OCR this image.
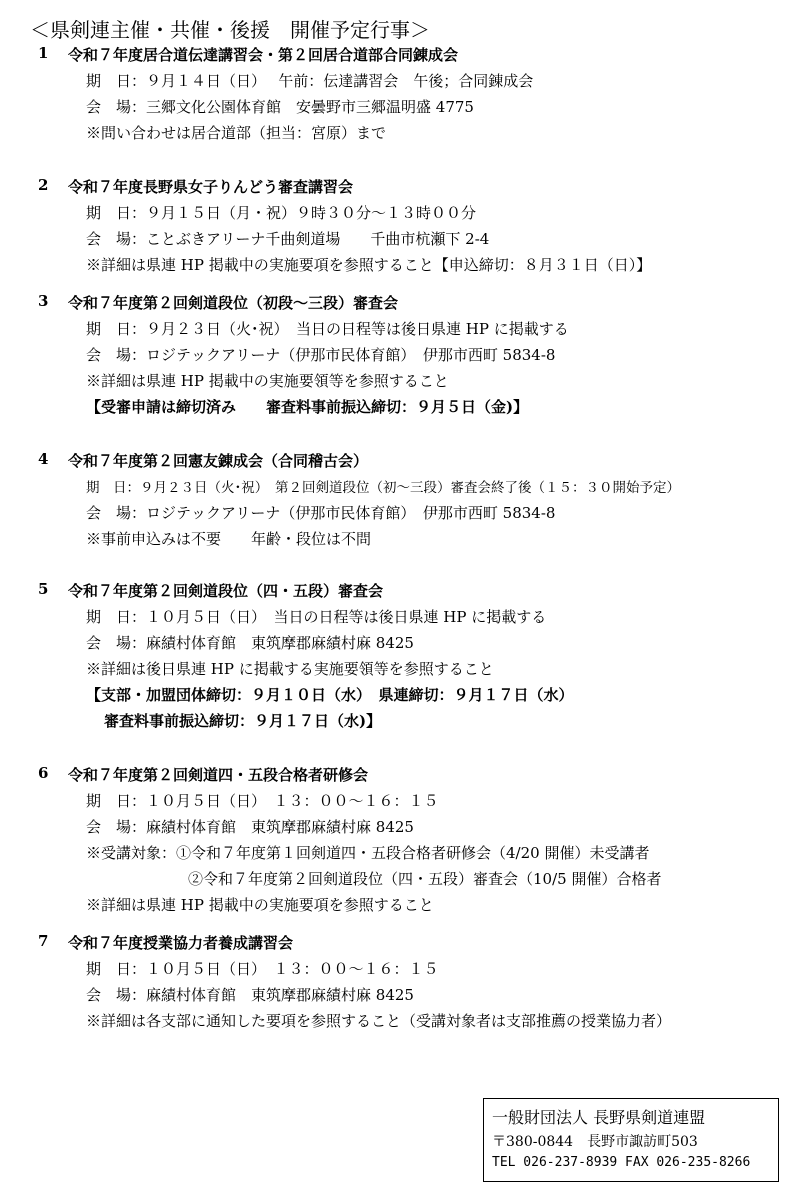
＜県剣連主催・共催・後援　開催予定行事＞
1 令和７年度居合道伝達講習会・第２回居合道部合同錬成会
期　日：９月１４日（日）　 午前：伝達講習会　午後；合同錬成会
会　場：三郷文化公園体育館　安曇野市三郷温明盛 4775
※問い合わせは居合道部（担当：宮原）まで
2 令和７年度長野県女子りんどう審査講習会
期　日：９月１５日（月・祝）９時３０分～１３時００分
会　場：ことぶきアリーナ千曲剣道場　　千曲市杭瀬下 2-4
※詳細は県連 HP 掲載中の実施要項を参照すること【申込締切：８月３１日（日）】
3 令和７年度第２回剣道段位（初段～三段）審査会
期　日：９月２３日（火･祝）　当日の日程等は後日県連 HP に掲載する
会　場：ロジテックアリーナ（伊那市民体育館）　伊那市西町 5834-8
※詳細は県連 HP 掲載中の実施要領等を参照すること
【受審申請は締切済み　　審査料事前振込締切：９月５日（金)】
4 令和７年度第２回憲友錬成会（合同稽古会）
期　日：９月２３日（火･祝）　第２回剣道段位（初～三段）審査会終了後（１５：３０開始予定）
会　場：ロジテックアリーナ（伊那市民体育館）　伊那市西町 5834-8
※事前申込みは不要　　年齢・段位は不問
5 令和７年度第２回剣道段位（四・五段）審査会
期　日：１０月５日（日）　当日の日程等は後日県連 HP に掲載する
会　場：麻績村体育館　東筑摩郡麻績村麻 8425
※詳細は後日県連 HP に掲載する実施要領等を参照すること
【支部・加盟団体締切：９月１０日（水）　県連締切：９月１７日（水）
審査料事前振込締切：９月１７日（水)】
6 令和７年度第２回剣道四・五段合格者研修会
期　日：１０月５日（日）　１３：００～１６：１５
会　場：麻績村体育館　東筑摩郡麻績村麻 8425
※受講対象：①令和７年度第１回剣道四・五段合格者研修会（4/20 開催）未受講者
②令和７年度第２回剣道段位（四・五段）審査会（10/5 開催）合格者
※詳細は県連 HP 掲載中の実施要項を参照すること
7 令和７年度授業協力者養成講習会
期　日：１０月５日（日）　１３：００～１６：１５
会　場：麻績村体育館　東筑摩郡麻績村麻 8425
※詳細は各支部に通知した要項を参照すること（受講対象者は支部推薦の授業協力者）
一般財団法人 長野県剣道連盟
〒380-0844　長野市諏訪町503
TEL 026-237-8939 FAX 026-235-8266
